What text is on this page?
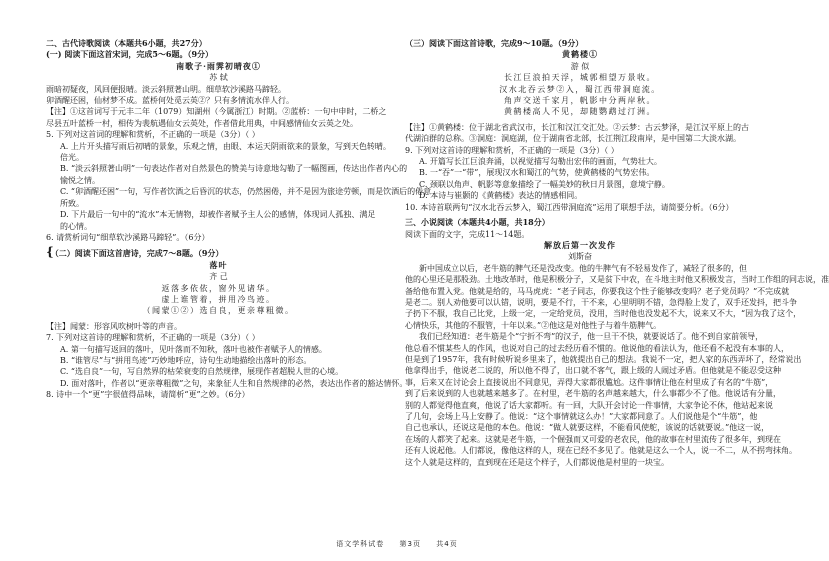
二、古代诗歌阅读（本题共6小题，共27分）
(一) 阅读下面这首宋词，完成5～6题。（9分）
南歌子·雨霁初晴夜①
苏 轼
雨暗初疑夜，风回便报晴。淡云斜照著山明。细草软沙溪路马蹄轻。
卯酒醒还困，仙材梦不成。蓝桥何处觅云英②？只有多情流水伴人行。
【注】①这首词写于元丰二年（1079）知湖州（今属浙江）时期。②蓝桥：一句中申时，二桥之
尽县五叶蓝桥一村，相传为裴航遇仙女云英处，作者借此用典，中间感情仙女云英之处。
5. 下列对这首词的理解和赏析，不正确的一项是（3分）（ ）
A. 上片开头描写雨后初晴的景象，乐观之情，由眼、本运天阴雨欲来的景象，写到天色转晴。
倍光。
B. “淡云斜照著山明”一句表达作者对自然景色的赞美与诗意地勾勒了一幅图画，传达出作者内心的
愉悦之情。
C. “卯酒醒还困”一句，写作者饮酒之后昏沉的状态，仍然困倦，并不是因为旅途劳顿，而是饮酒后的倦意
所致。
D. 下片最后一句中的“流水”本无情物，却被作者赋予主人公的感情，体现词人孤独、满足
的心情。
6. 请赏析词句“细草软沙溪路马蹄轻”。（6分）
{（二）阅读下面这首唐诗，完成7～8题。（9分）
落叶
齐 己
返落多依依，窗外见诸华。
虚上谁管着，拼用冷鸟迹。
（闻蒙①②）选自良，更亲尊粗微。
【注】闻蒙：形容风吹树叶等的声音。
7. 下列对这首诗的理解和赏析，不正确的一项是（3分）（ ）
A. 第一句描写返回的落叶，见叶落而不知秋，落叶也被作者赋予人的情感。
B. “谁管尽”与“拼用鸟迹”巧妙地呼应，诗句生动地描绘出落叶的形态。
C. “选自良”一句，写自然界的枯荣衰变的自然规律，展现作者超脱人世的心境。
D. 面对落叶，作者以“更亲尊粗微”之句，来象征人生和自然规律的必然，表达出作者的豁达情怀。
8. 诗中一个“更”字很值得品味，请简析“更”之妙。（6分）
（三）阅读下面这首诗歌，完成9～10题。（9分）
黄鹤楼①
游 似
长江巨浪拍天浮，城郭相望万景收。
汉水北吞云梦②入，蜀江西带洞庭流。
角声交送千家月，帆影中分两岸秋。
黄鹤楼高人不见，却随鹦鹉过汀洲。
【注】①黄鹤楼：位于湖北省武汉市，长江和汉江交汇处。②云梦：古云梦泽，是江汉平原上的古
代湖泊群的总称。③洞庭：洞庭湖，位于湖南省北部，长江荆江段南岸，是中国第二大淡水湖。
9. 下列对这首诗的理解和赏析，不正确的一项是（3分）（ ）
A. 开篇写长江巨浪奔涌，以视觉描写勾勒出宏伟的画面，气势壮大。
B. 一“吞”一“带”，展现汉水和蜀江的气势，使黄鹤楼的气势宏伟。
C. 颈联以角声、帆影等意象描绘了一幅美妙的秋日月景图，意境宁静。
D. 本诗与崔颢的《黄鹤楼》表达的情感相同。
10. 本诗首联两句“汉水北吞云梦入，蜀江西带洞庭流”运用了联想手法，请简要分析。（6分）
三、小说阅读（本题共4小题，共18分）
阅读下面的文字，完成11～14题。
解放后第一次发作
刘斯奋
新中国成立以后，老牛筋的脾气还是没改变。他的牛脾气有不轻易发作了，减轻了很多的，但
他的心里还是那股劲。土地改革时，他是积极分子，又是贫下中农，在斗地主时他又积极发言，当时工作组的同志说，准
备给他布置入党。他就是给的，马马虎虎：“老子同志，你要我这个性子能够改变吗？老子党员吗？”不完成就
是老二。别人劝他要可以认错，说明，要是不行，干不来，心里明明不错，急得脸上发了，双手还发抖，把斗争
子扔下不服，我自己比党，上级一定，一定给党员，没用，当时他也没发起不大，说来又不大，“因为我了这个，
心情快乐，其他的不服管，十年以来。”②他这是对他性子与着牛筋脾气。
我们已经知道：老牛筋是个“宁折不弯”的汉子，他一旦干不快，就要说话了。他不到自家前领导，
他总看不惯某些人的作风，也说对自己的过去经历看不惯的。他说他的看法认为，他还看不起没有本事的人，
但是到了1957年，我有时候听说乡里来了，他就提出自己的想法。我说不一定，把人家的东西弄坏了，经常说出
他拿得出手，他说老二说的，所以他不得了，出口就不客气，跟上级的人闹过矛盾。但他就是不能忍受这种
事，后来又在讨论会上直接说出不同意见，弄得大家都很尴尬。这件事情让他在村里成了有名的“牛筋”，
到了后来说到的人也就越来越多了。在村里，老牛筋的名声越来越大，什么事都少不了他。他说话有分量，
别的人都觉得他直爽，他说了话大家都听。有一回，大队开会讨论一件事情，大家争论不休，他站起来说
了几句，会场上马上安静了。他说：“这个事情就这么办！”大家都同意了。人们说他是个“牛筋”，他
自己也承认，还说这是他的本色。他说：“做人就要这样，不能看风使舵，该说的话就要说。”他这一说，
在场的人都笑了起来。这就是老牛筋，一个倔强而又可爱的老农民，他的故事在村里流传了很多年，到现在
还有人说起他。人们都说，像他这样的人，现在已经不多见了。他就是这么一个人，说一不二，从不拐弯抹角。
这个人就是这样的，直到现在还是这个样子，人们都说他是村里的一块宝。
语文学科试卷 第3页 共4页
